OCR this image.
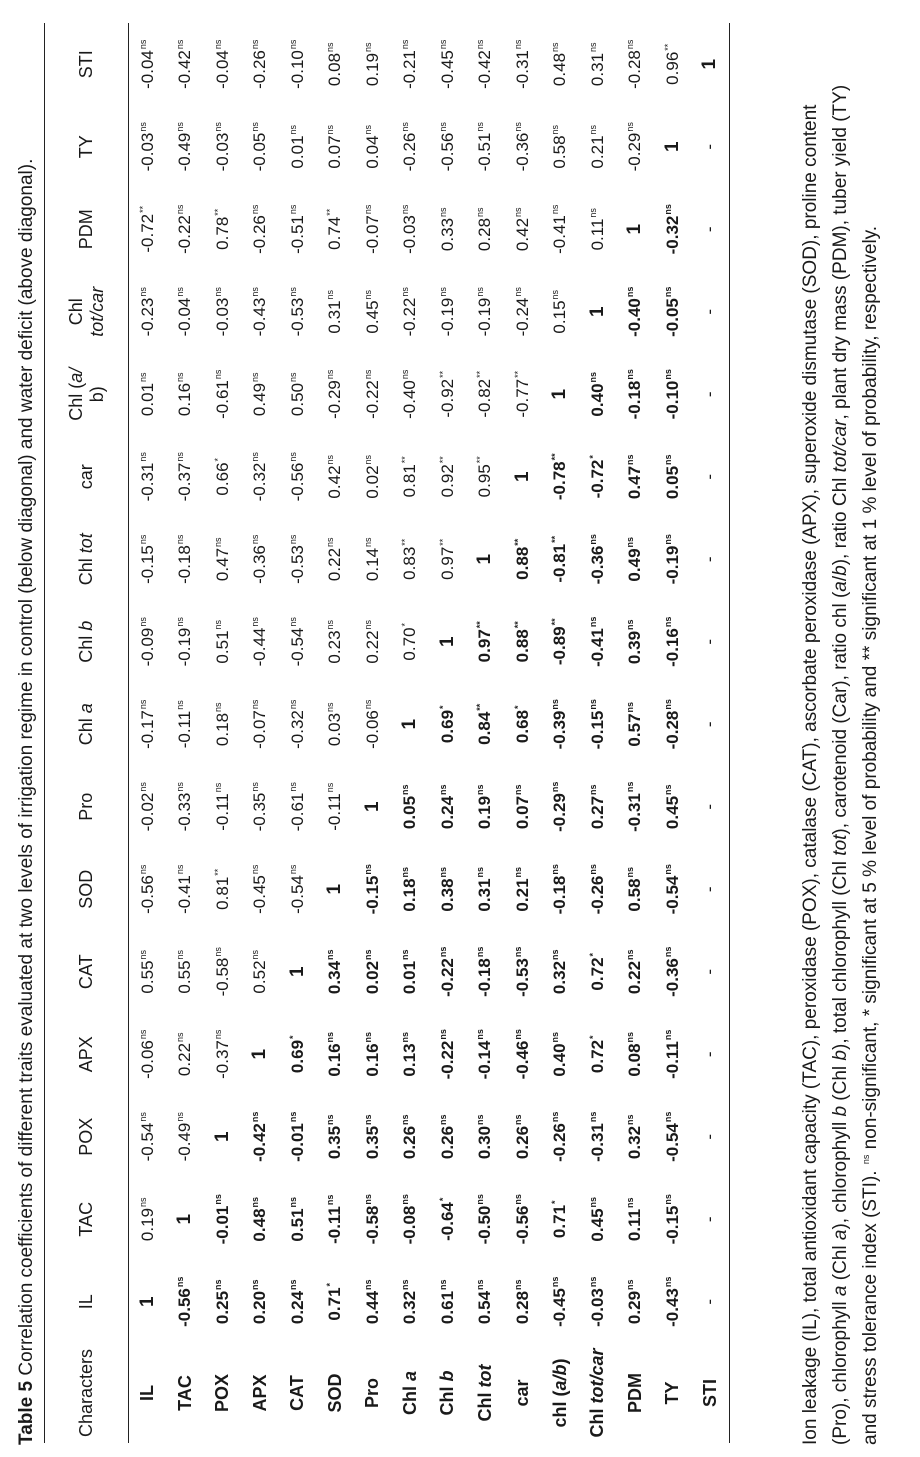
Table 5 Correlation coefficients of different traits evaluated at two levels of irrigation regime in control (below diagonal) and water deficit (above diagonal).
Characters	IL	TAC	POX	APX	CAT	SOD	Pro	Chl a	Chl b	Chl tot	car	Chl (a/
b)	Chl
tot/car	PDM	TY	STI
IL	1	$0.19^{ns}$	$-0.54^{ns}$	$-0.06^{ns}$	$0.55^{ns}$	$-0.56^{ns}$	$-0.02^{ns}$	$-0.17^{ns}$	$-0.09^{ns}$	$-0.15^{ns}$	$-0.31^{ns}$	$0.01^{ns}$	$-0.23^{ns}$	-0.72**	$-0.03^{ns}$	$-0.04^{ns}$
TAC	$-0.56^{ns}$	1	$-0.49^{ns}$	$0.22^{ns}$	$0.55^{ns}$	$-0.41^{ns}$	$-0.33^{ns}$	$-0.11^{ns}$	$-0.19^{ns}$	$-0.18^{ns}$	$-0.37^{ns}$	$0.16^{ns}$	$-0.04^{ns}$	$-0.22^{ns}$	$-0.49^{ns}$	$-0.42^{ns}$
POX	$0.25^{ns}$	$-0.01^{ns}$	1	$-0.37^{ns}$	$-0.58^{ns}$	0.81**	$-0.11^{ns}$	$0.18^{ns}$	$0.51^{ns}$	$0.47^{ns}$	0.66*	$-0.61^{ns}$	$-0.03^{ns}$	0.78**	$-0.03^{ns}$	$-0.04^{ns}$
APX	$0.20^{ns}$	$0.48^{ns}$	$-0.42^{ns}$	1	$0.52^{ns}$	$-0.45^{ns}$	$-0.35^{ns}$	$-0.07^{ns}$	$-0.44^{ns}$	$-0.36^{ns}$	$-0.32^{ns}$	$0.49^{ns}$	$-0.43^{ns}$	$-0.26^{ns}$	$-0.05^{ns}$	$-0.26^{ns}$
CAT	$0.24^{ns}$	$0.51^{ns}$	$-0.01^{ns}$	0.69*	1	$-0.54^{ns}$	$-0.61^{ns}$	$-0.32^{ns}$	$-0.54^{ns}$	$-0.53^{ns}$	$-0.56^{ns}$	$0.50^{ns}$	$-0.53^{ns}$	$-0.51^{ns}$	$0.01^{ns}$	$-0.10^{ns}$
SOD	0.71*	$-0.11^{ns}$	$0.35^{ns}$	$0.16^{ns}$	$0.34^{ns}$	1	$-0.11^{ns}$	$0.03^{ns}$	$0.23^{ns}$	$0.22^{ns}$	$0.42^{ns}$	$-0.29^{ns}$	$0.31^{ns}$	0.74**	$0.07^{ns}$	$0.08^{ns}$
Pro	$0.44^{ns}$	$-0.58^{ns}$	$0.35^{ns}$	$0.16^{ns}$	$0.02^{ns}$	$-0.15^{ns}$	1	$-0.06^{ns}$	$0.22^{ns}$	$0.14^{ns}$	$0.02^{ns}$	$-0.22^{ns}$	$0.45^{ns}$	$-0.07^{ns}$	$0.04^{ns}$	$0.19^{ns}$
Chl a	$0.32^{ns}$	$-0.08^{ns}$	$0.26^{ns}$	$0.13^{ns}$	$0.01^{ns}$	$0.18^{ns}$	$0.05^{ns}$	1	0.70*	0.83**	0.81**	$-0.40^{ns}$	$-0.22^{ns}$	$-0.03^{ns}$	$-0.26^{ns}$	$-0.21^{ns}$
Chl b	$0.61^{ns}$	-0.64*	$0.26^{ns}$	$-0.22^{ns}$	$-0.22^{ns}$	$0.38^{ns}$	$0.24^{ns}$	0.69*	1	0.97**	0.92**	-0.92**	$-0.19^{ns}$	$0.33^{ns}$	$-0.56^{ns}$	$-0.45^{ns}$
Chl tot	$0.54^{ns}$	$-0.50^{ns}$	$0.30^{ns}$	$-0.14^{ns}$	$-0.18^{ns}$	$0.31^{ns}$	$0.19^{ns}$	0.84**	0.97**	1	0.95**	-0.82**	$-0.19^{ns}$	$0.28^{ns}$	$-0.51^{ns}$	$-0.42^{ns}$
car	$0.28^{ns}$	$-0.56^{ns}$	$0.26^{ns}$	$-0.46^{ns}$	$-0.53^{ns}$	$0.21^{ns}$	$0.07^{ns}$	0.68*	0.88**	0.88**	1	-0.77**	$-0.24^{ns}$	$0.42^{ns}$	$-0.36^{ns}$	$-0.31^{ns}$
chl (a/b)	$-0.45^{ns}$	0.71*	$-0.26^{ns}$	$0.40^{ns}$	$0.32^{ns}$	$-0.18^{ns}$	$-0.29^{ns}$	$-0.39^{ns}$	-0.89**	-0.81**	-0.78**	1	$0.15^{ns}$	$-0.41^{ns}$	$0.58^{ns}$	$0.48^{ns}$
Chl tot/car	$-0.03^{ns}$	$0.45^{ns}$	$-0.31^{ns}$	0.72*	0.72*	$-0.26^{ns}$	$0.27^{ns}$	$-0.15^{ns}$	$-0.41^{ns}$	$-0.36^{ns}$	-0.72*	$0.40^{ns}$	1	$0.11^{ns}$	$0.21^{ns}$	$0.31^{ns}$
PDM	$0.29^{ns}$	$0.11^{ns}$	$0.32^{ns}$	$0.08^{ns}$	$0.22^{ns}$	$0.58^{ns}$	$-0.31^{ns}$	$0.57^{ns}$	$0.39^{ns}$	$0.49^{ns}$	$0.47^{ns}$	$-0.18^{ns}$	$-0.40^{ns}$	1	$-0.29^{ns}$	$-0.28^{ns}$
TY	$-0.43^{ns}$	$-0.15^{ns}$	$-0.54^{ns}$	$-0.11^{ns}$	$-0.36^{ns}$	$-0.54^{ns}$	$0.45^{ns}$	$-0.28^{ns}$	$-0.16^{ns}$	$-0.19^{ns}$	$0.05^{ns}$	$-0.10^{ns}$	$-0.05^{ns}$	$-0.32^{ns}$	1	0.96**
STI	-	-	-	-	-	-	-	-	-	-	-	-	-	-	-	1
Ion leakage (IL), total antioxidant capacity (TAC), peroxidase (POX), catalase (CAT), ascorbate peroxidase (APX), superoxide dismutase (SOD), proline content (Pro), chlorophyll a (Chl a), chlorophyll b (Chl b), total chlorophyll (Chl tot), carotenoid (Car), ratio chl (a/b), ratio Chl tot/car, plant dry mass (PDM), tuber yield (TY)
and stress tolerance index (STI). $^{ns}$ non-significant, * significant at 5 % level of probability and ** significant at 1 % level of probability, respectively.
